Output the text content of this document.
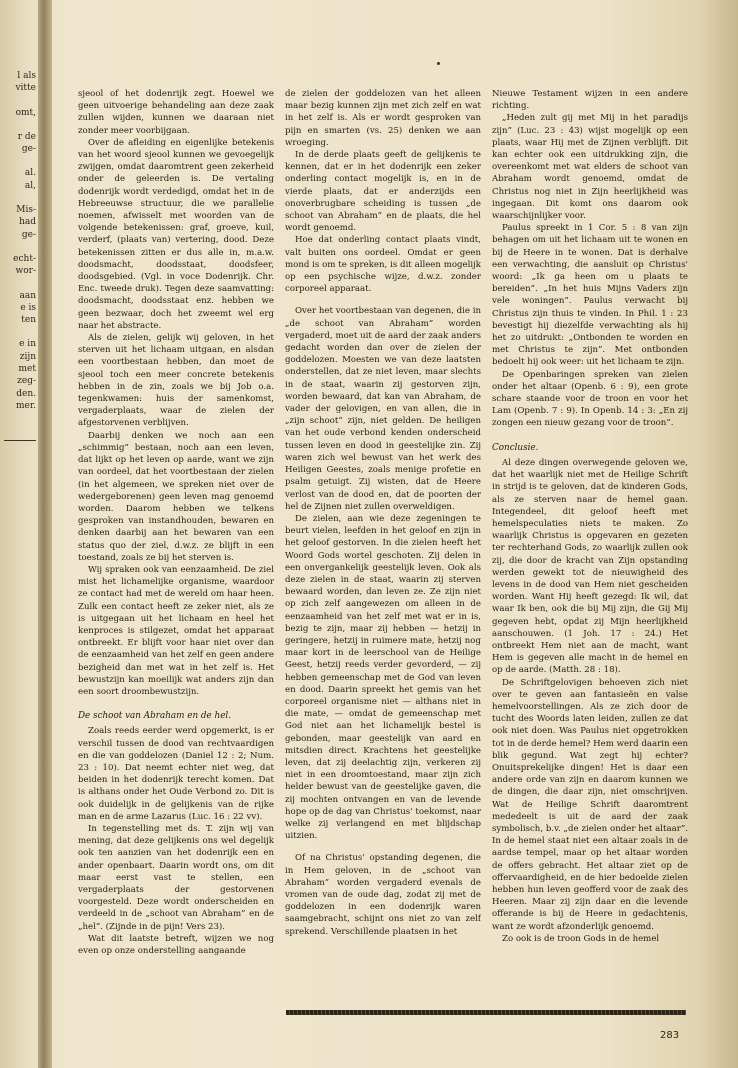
l als

vitte

omt,

r de

ge-

al.

al,

Mis-

had

ge-

echt-

wor-

aan

e is

ten

e in

zijn

met

zeg-

den.

mer.

sjeool of het dodenrijk zegt. Hoewel we geen uitvoerige behandeling aan deze zaak zullen wijden, kunnen we daaraan niet zonder meer voorbijgaan.

Over de afleiding en eigenlijke betekenis van het woord sjeool kunnen we gevoegelijk zwijgen, omdat daaromtrent geen zekerheid onder de geleerden is. De vertaling dodenrijk wordt verdedigd, omdat het in de Hebreeuwse structuur, die we parallelie noemen, afwisselt met woorden van de volgende betekenissen: graf, groeve, kuil, verderf, (plaats van) vertering, dood. Deze betekenissen zitten er dus alle in, m.a.w. doodsmacht, doodsstaat, doodsfeer, doodsgebied. (Vgl. in voce Dodenrijk. Chr. Enc. tweede druk). Tegen deze saamvatting: doodsmacht, doodsstaat enz. hebben we geen bezwaar, doch het zweemt wel erg naar het abstracte.

Als de zielen, gelijk wij geloven, in het sterven uit het lichaam uitgaan, en alsdan een voortbestaan hebben, dan moet de sjeool toch een meer concrete betekenis hebben in de zin, zoals we bij Job o.a. tegenkwamen: huis der samenkomst, vergaderplaats, waar de zielen der afgestorvenen verblijven.

Daarbij denken we noch aan een „schimmig” bestaan, noch aan een leven, dat lijkt op het leven op aarde, want we zijn van oordeel, dat het voortbestaan der zielen (in het algemeen, we spreken niet over de wedergeborenen) geen leven mag genoemd worden. Daarom hebben we telkens gesproken van instandhouden, bewaren en denken daarbij aan het bewaren van een status quo der ziel, d.w.z. ze blijft in een toestand, zoals ze bij het sterven is.

Wij spraken ook van eenzaamheid. De ziel mist het lichamelijke organisme, waardoor ze contact had met de wereld om haar heen. Zulk een contact heeft ze zeker niet, als ze is uitgegaan uit het lichaam en heel het kenproces is stilgezet, omdat het apparaat ontbreekt. Er blijft voor haar niet over dan de eenzaamheid van het zelf en geen andere bezigheid dan met wat in het zelf is. Het bewustzijn kan moeilijk wat anders zijn dan een soort droombewustzijn.

De schoot van Abraham en de hel.

Zoals reeds eerder werd opgemerkt, is er verschil tussen de dood van rechtvaardigen en die van goddelozen (Daniel 12 : 2; Num. 23 : 10). Dat neemt echter niet weg, dat beiden in het dodenrijk terecht komen. Dat is althans onder het Oude Verbond zo. Dit is ook duidelijk in de gelijkenis van de rijke man en de arme Lazarus (Luc. 16 : 22 vv).

In tegenstelling met ds. T. zijn wij van mening, dat deze gelijkenis ons wel degelijk ook ten aanzien van het dodenrijk een en ander openbaart. Daarin wordt ons, om dit maar eerst vast te stellen, een vergaderplaats der gestorvenen voorgesteld. Deze wordt onderscheiden en verdeeld in de „schoot van Abraham” en de „hel”. (Zijnde in de pijn! Vers 23).

Wat dit laatste betreft, wijzen we nog even op onze onderstelling aangaande

de zielen der goddelozen van het alleen maar bezig kunnen zijn met zich zelf en wat in het zelf is. Als er wordt gesproken van pijn en smarten (vs. 25) denken we aan wroeging.

In de derde plaats geeft de gelijkenis te kennen, dat er in het dodenrijk een zeker onderling contact mogelijk is, en in de vierde plaats, dat er anderzijds een onoverbrugbare scheiding is tussen „de schoot van Abraham” en de plaats, die hel wordt genoemd.

Hoe dat onderling contact plaats vindt, valt buiten ons oordeel. Omdat er geen mond is om te spreken, is dit alleen mogelijk op een psychische wijze, d.w.z. zonder corporeel apparaat.

Over het voortbestaan van degenen, die in „de schoot van Abraham” worden vergaderd, moet uit de aard der zaak anders gedacht worden dan over de zielen der goddelozen. Moesten we van deze laatsten onderstellen, dat ze niet leven, maar slechts in de staat, waarin zij gestorven zijn, worden bewaard, dat kan van Abraham, de vader der gelovigen, en van allen, die in „zijn schoot” zijn, niet gelden. De heiligen van het oude verbond kenden onderscheid tussen leven en dood in geestelijke zin. Zij waren zich wel bewust van het werk des Heiligen Geestes, zoals menige profetie en psalm getuigt. Zij wisten, dat de Heere verlost van de dood en, dat de poorten der hel de Zijnen niet zullen overweldigen.

De zielen, aan wie deze zegeningen te beurt vielen, leefden in het geloof en zijn in het geloof gestorven. In die zielen heeft het Woord Gods wortel geschoten. Zij delen in een onvergankelijk geestelijk leven. Ook als deze zielen in de staat, waarin zij sterven bewaard worden, dan leven ze. Ze zijn niet op zich zelf aangewezen om alleen in de eenzaamheid van het zelf met wat er in is, bezig te zijn, maar zij hebben — hetzij in geringere, hetzij in ruimere mate, hetzij nog maar kort in de leerschool van de Heilige Geest, hetzij reeds verder gevorderd, — zij hebben gemeenschap met de God van leven en dood. Daarin spreekt het gemis van het corporeel organisme niet — althans niet in die mate, — omdat de gemeenschap met God niet aan het lichamelijk bestel is gebonden, maar geestelijk van aard en mitsdien direct. Krachtens het geestelijke leven, dat zij deelachtig zijn, verkeren zij niet in een droomtoestand, maar zijn zich helder bewust van de geestelijke gaven, die zij mochten ontvangen en van de levende hope op de dag van Christus' toekomst, naar welke zij verlangend en met blijdschap uitzien.

Of na Christus' opstanding degenen, die in Hem geloven, in de „schoot van Abraham” worden vergaderd evenals de vromen van de oude dag, zodat zij met de goddelozen in een dodenrijk waren saamgebracht, schijnt ons niet zo van zelf sprekend. Verschillende plaatsen in het

Nieuwe Testament wijzen in een andere richting.

„Heden zult gij met Mij in het paradijs zijn” (Luc. 23 : 43) wijst mogelijk op een plaats, waar Hij met de Zijnen verblijft. Dit kan echter ook een uitdrukking zijn, die overeenkomt met wat elders de schoot van Abraham wordt genoemd, omdat de Christus nog niet in Zijn heerlijkheid was ingegaan. Dit komt ons daarom ook waarschijnlijker voor.

Paulus spreekt in 1 Cor. 5 : 8 van zijn behagen om uit het lichaam uit te wonen en bij de Heere in te wonen. Dat is derhalve een verwachting, die aansluit op Christus' woord: „Ik ga heen om u plaats te bereiden”. „In het huis Mijns Vaders zijn vele woningen”. Paulus verwacht bij Christus zijn thuis te vinden. In Phil. 1 : 23 bevestigt hij diezelfde verwachting als hij het zo uitdrukt: „Ontbonden te worden en met Christus te zijn”. Met ontbonden bedoelt hij ook weer: uit het lichaam te zijn.

De Openbaringen spreken van zielen onder het altaar (Openb. 6 : 9), een grote schare staande voor de troon en voor het Lam (Openb. 7 : 9). In Openb. 14 : 3: „En zij zongen een nieuw gezang voor de troon”.

Conclusie.

Al deze dingen overwegende geloven we, dat het waarlijk niet met de Heilige Schrift in strijd is te geloven, dat de kinderen Gods, als ze sterven naar de hemel gaan. Integendeel, dit geloof heeft met hemelspeculaties niets te maken. Zo waarlijk Christus is opgevaren en gezeten ter rechterhand Gods, zo waarlijk zullen ook zij, die door de kracht van Zijn opstanding werden gewekt tot de nieuwigheid des levens in de dood van Hem niet gescheiden worden. Want Hij heeft gezegd: Ik wil, dat waar Ik ben, ook die bij Mij zijn, die Gij Mij gegeven hebt, opdat zij Mijn heerlijkheid aanschouwen. (1 Joh. 17 : 24.) Het ontbreekt Hem niet aan de macht, want Hem is gegeven alle macht in de hemel en op de aarde. (Matth. 28 : 18).

De Schriftgelovigen behoeven zich niet over te geven aan fantasieën en valse hemelvoorstellingen. Als ze zich door de tucht des Woords laten leiden, zullen ze dat ook niet doen. Was Paulus niet opgetrokken tot in de derde hemel? Hem werd daarin een blik gegund. Wat zegt hij echter? Onuitsprekelijke dingen! Het is daar een andere orde van zijn en daarom kunnen we de dingen, die daar zijn, niet omschrijven. Wat de Heilige Schrift daaromtrent mededeelt is uit de aard der zaak symbolisch, b.v. „de zielen onder het altaar”. In de hemel staat niet een altaar zoals in de aardse tempel, maar op het altaar worden de offers gebracht. Het altaar ziet op de offervaardigheid, en de hier bedoelde zielen hebben hun leven geofferd voor de zaak des Heeren. Maar zij zijn daar en die levende offerande is bij de Heere in gedachtenis, want ze wordt afzonderlijk genoemd.

Zo ook is de troon Gods in de hemel

283
